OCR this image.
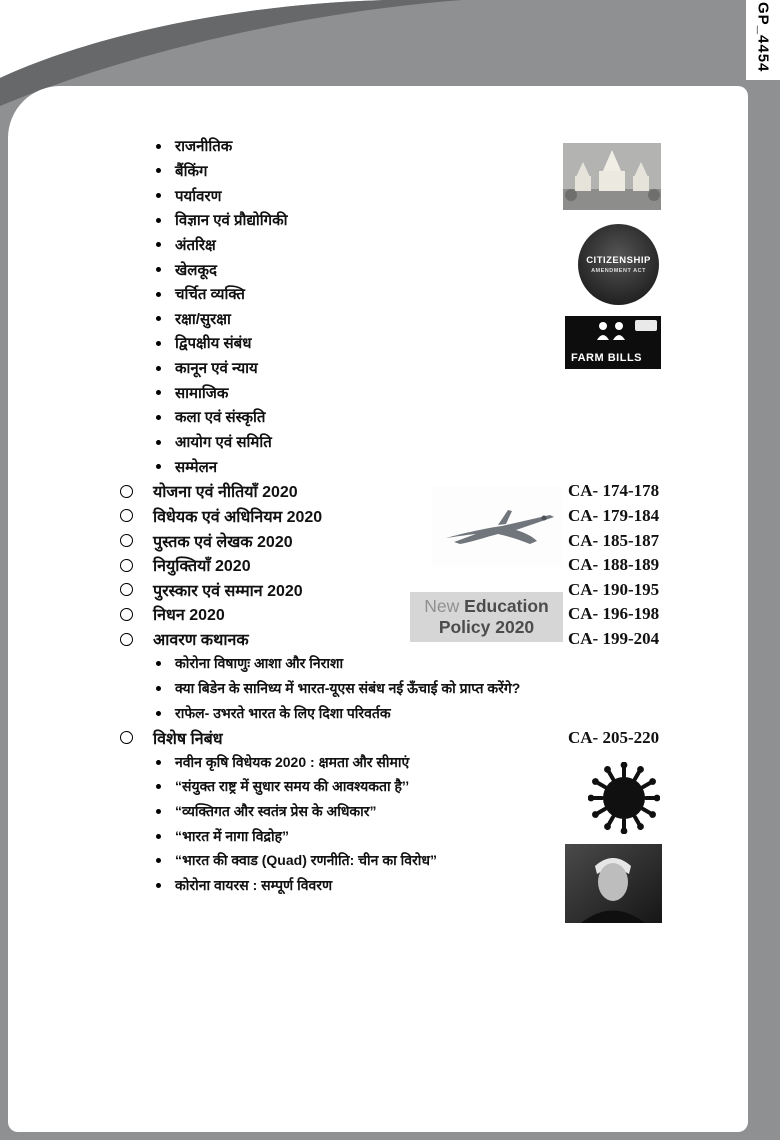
GP_4454
राजनीतिक
बैंकिंग
पर्यावरण
विज्ञान एवं प्रौद्योगिकी
अंतरिक्ष
खेलकूद
चर्चित व्यक्ति
रक्षा/सुरक्षा
द्विपक्षीय संबंध
कानून एवं न्याय
सामाजिक
कला एवं संस्कृति
आयोग एवं समिति
सम्मेलन
योजना एवं नीतियाँ 2020	CA- 174-178
विधेयक एवं अधिनियम 2020	CA- 179-184
पुस्तक एवं लेखक 2020	CA- 185-187
नियुक्तियाँ 2020	CA- 188-189
पुरस्कार एवं सम्मान 2020	CA- 190-195
निधन 2020	CA- 196-198
आवरण कथानक	CA- 199-204
कोरोना विषाणुः आशा और निराशा
क्या बिडेन के सानिध्य में भारत-यूएस संबंध नई ऊँचाई को प्राप्त करेंगे?
राफेल- उभरते भारत के लिए दिशा परिवर्तक
विशेष निबंध	CA- 205-220
नवीन कृषि विधेयक 2020 : क्षमता और सीमाएं
“संयुक्त राष्ट्र में सुधार समय की आवश्यकता है’’
“व्यक्तिगत और स्वतंत्र प्रेस के अधिकार”
“भारत में नागा विद्रोह”
“भारत की क्वाड (Quad) रणनीति: चीन का विरोध”
कोरोना वायरस : सम्पूर्ण विवरण
CITIZENSHIP
AMENDMENT ACT
FARM BILLS
New Education
Policy 2020
